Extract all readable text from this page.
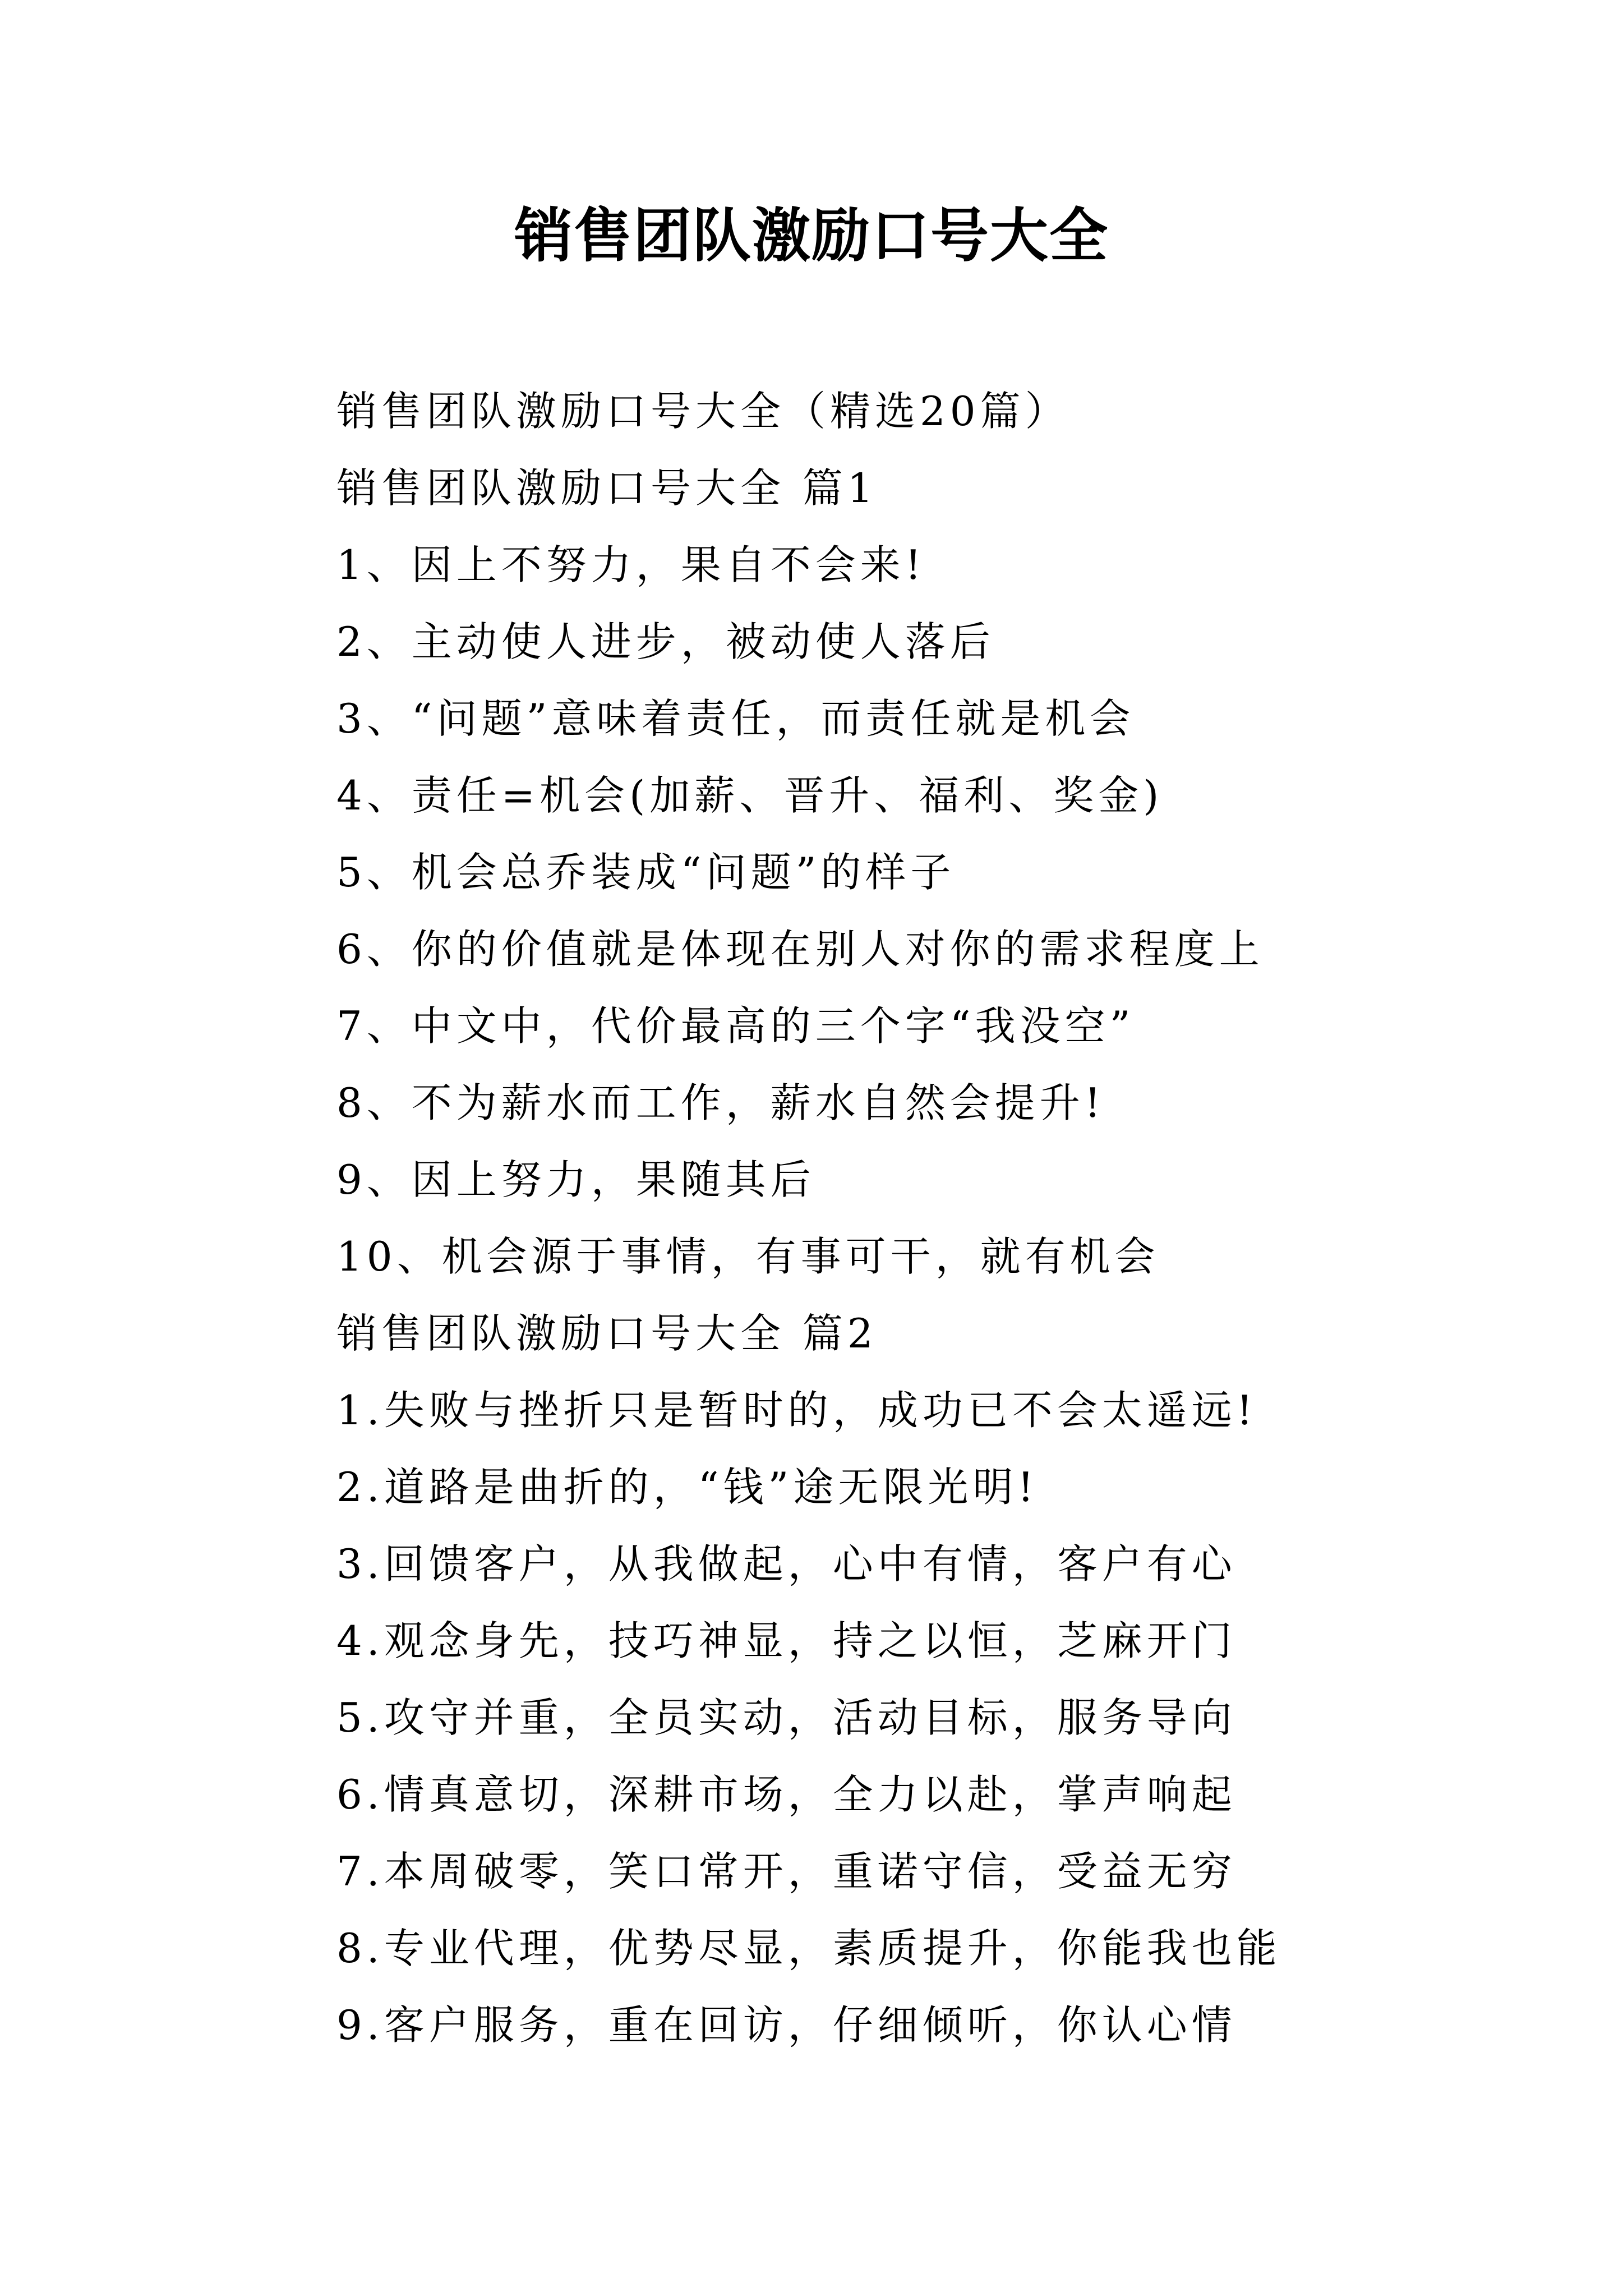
销售团队激励口号大全
销售团队激励口号大全（精选20篇）
销售团队激励口号大全 篇1
1、因上不努力，果自不会来!
2、主动使人进步，被动使人落后
3、“问题”意味着责任，而责任就是机会
4、责任=机会(加薪、晋升、福利、奖金)
5、机会总乔装成“问题”的样子
6、你的价值就是体现在别人对你的需求程度上
7、中文中，代价最高的三个字“我没空”
8、不为薪水而工作，薪水自然会提升!
9、因上努力，果随其后
10、机会源于事情，有事可干，就有机会
销售团队激励口号大全 篇2
1.失败与挫折只是暂时的，成功已不会太遥远!
2.道路是曲折的，“钱”途无限光明!
3.回馈客户，从我做起，心中有情，客户有心
4.观念身先，技巧神显，持之以恒，芝麻开门
5.攻守并重，全员实动，活动目标，服务导向
6.情真意切，深耕市场，全力以赴，掌声响起
7.本周破零，笑口常开，重诺守信，受益无穷
8.专业代理，优势尽显，素质提升，你能我也能
9.客户服务，重在回访，仔细倾听，你认心情
